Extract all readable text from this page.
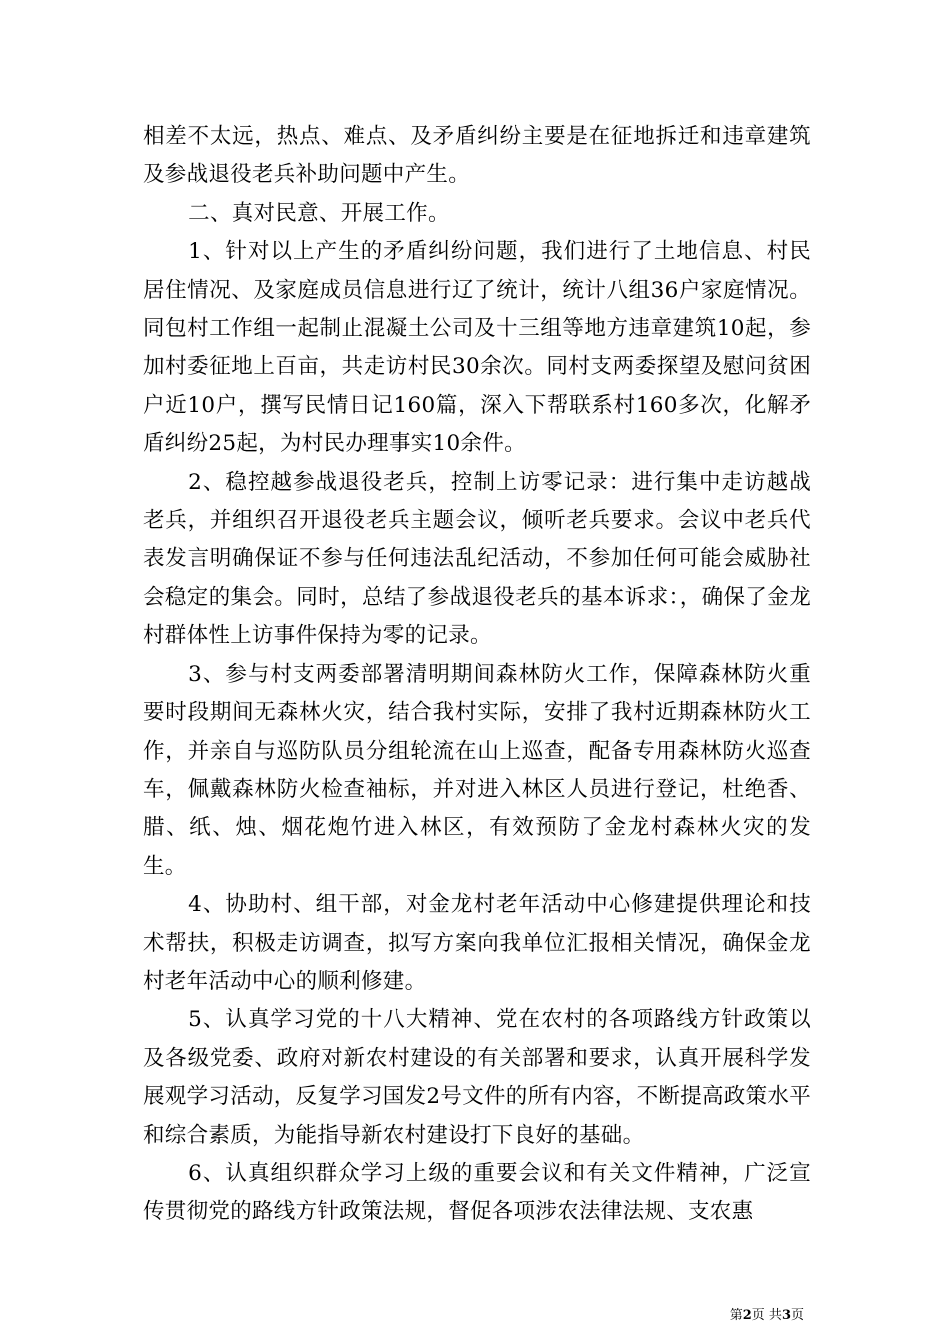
相差不太远，热点、难点、及矛盾纠纷主要是在征地拆迁和违章建筑及参战退役老兵补助问题中产生。

二、真对民意、开展工作。

1、针对以上产生的矛盾纠纷问题，我们进行了土地信息、村民居住情况、及家庭成员信息进行辽了统计，统计八组36户家庭情况。同包村工作组一起制止混凝土公司及十三组等地方违章建筑10起，参加村委征地上百亩，共走访村民30余次。同村支两委探望及慰问贫困户近10户，撰写民情日记160篇，深入下帮联系村160多次，化解矛盾纠纷25起，为村民办理事实10余件。

2、稳控越参战退役老兵，控制上访零记录：进行集中走访越战老兵，并组织召开退役老兵主题会议，倾听老兵要求。会议中老兵代表发言明确保证不参与任何违法乱纪活动，不参加任何可能会威胁社会稳定的集会。同时，总结了参战退役老兵的基本诉求：，确保了金龙村群体性上访事件保持为零的记录。

3、参与村支两委部署清明期间森林防火工作，保障森林防火重要时段期间无森林火灾，结合我村实际，安排了我村近期森林防火工作，并亲自与巡防队员分组轮流在山上巡查，配备专用森林防火巡查车，佩戴森林防火检查袖标，并对进入林区人员进行登记，杜绝香、腊、纸、烛、烟花炮竹进入林区，有效预防了金龙村森林火灾的发生。

4、协助村、组干部，对金龙村老年活动中心修建提供理论和技术帮扶，积极走访调查，拟写方案向我单位汇报相关情况，确保金龙村老年活动中心的顺利修建。

5、认真学习党的十八大精神、党在农村的各项路线方针政策以及各级党委、政府对新农村建设的有关部署和要求，认真开展科学发展观学习活动，反复学习国发2号文件的所有内容，不断提高政策水平和综合素质，为能指导新农村建设打下良好的基础。

6、认真组织群众学习上级的重要会议和有关文件精神，广泛宣传贯彻党的路线方针政策法规，督促各项涉农法律法规、支农惠

第2页 共3页
